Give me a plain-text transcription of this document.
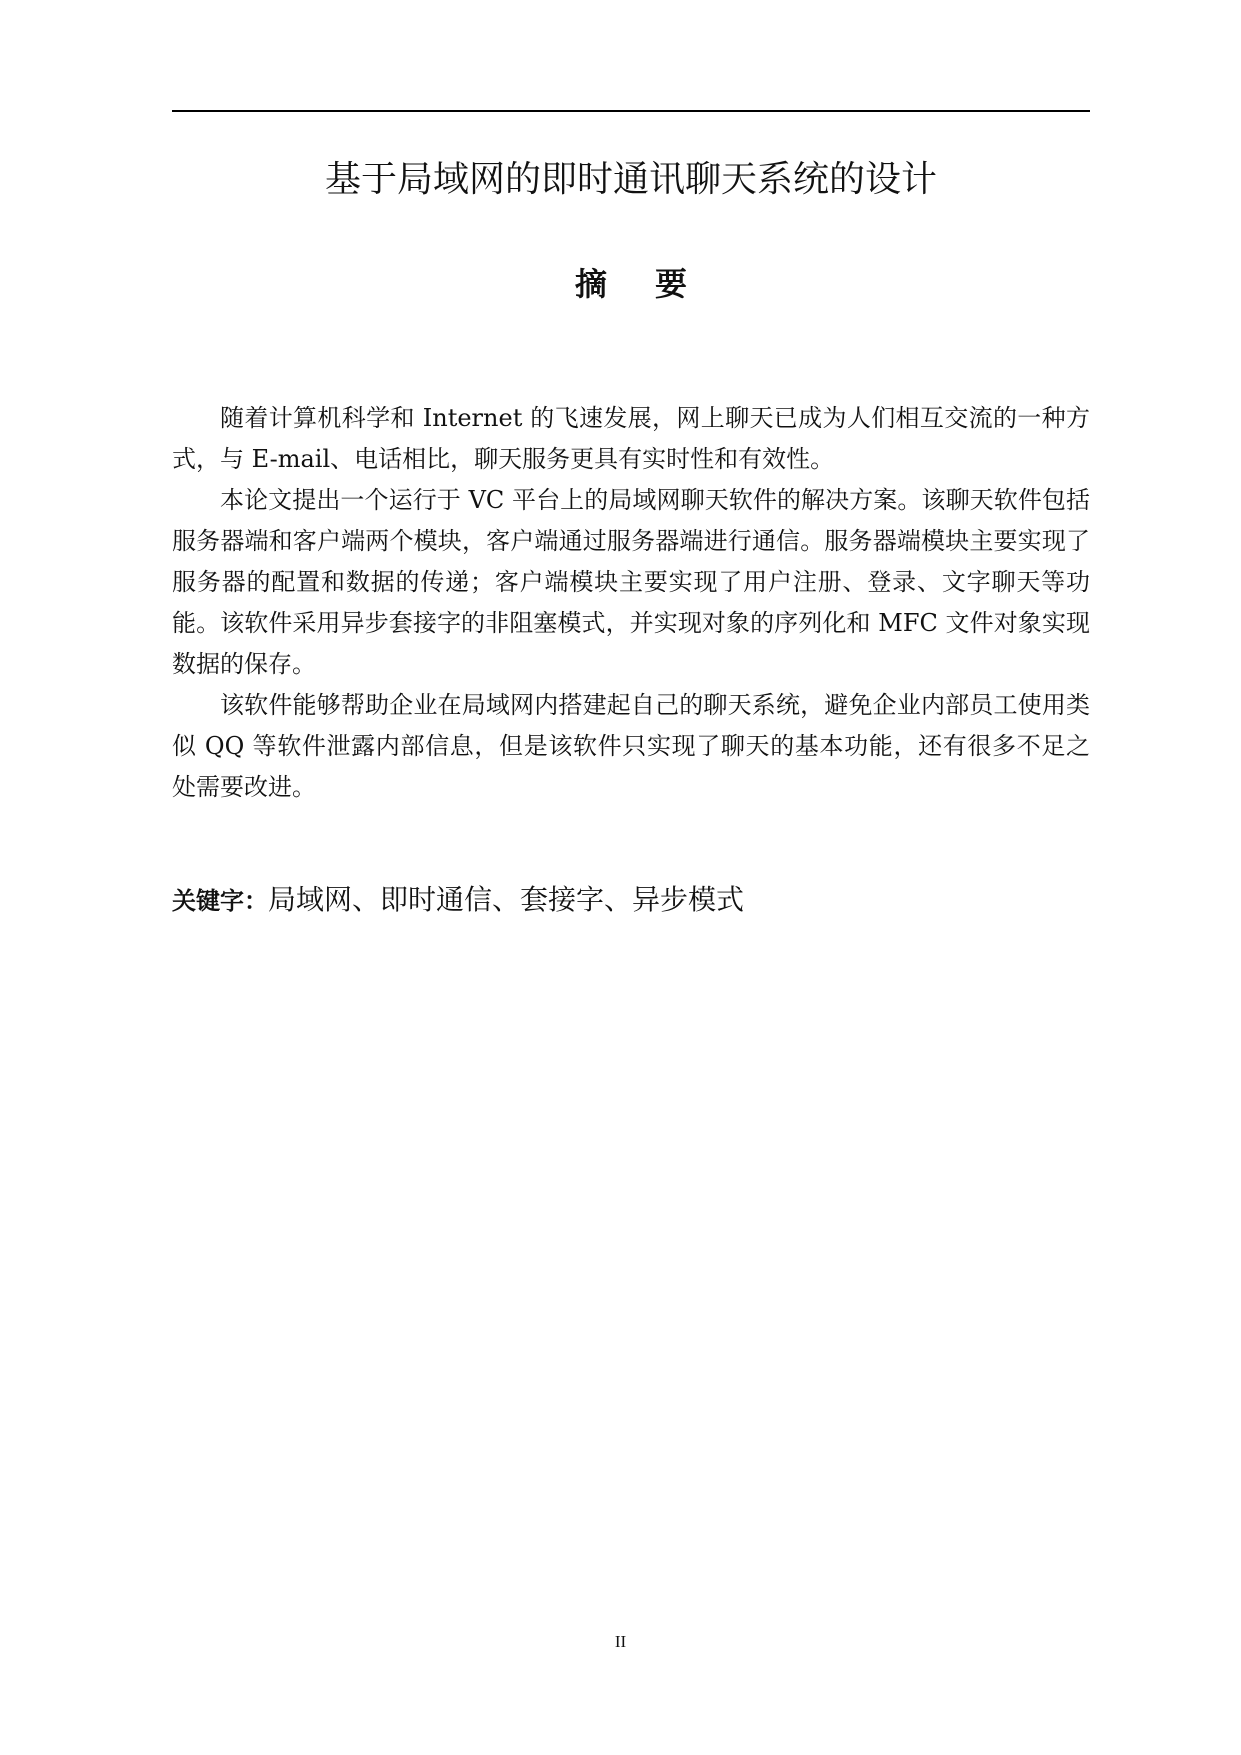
基于局域网的即时通讯聊天系统的设计
摘要

随着计算机科学和 Internet 的飞速发展，网上聊天已成为人们相互交流的一种方式，与 E-mail、电话相比，聊天服务更具有实时性和有效性。

本论文提出一个运行于 VC 平台上的局域网聊天软件的解决方案。该聊天软件包括服务器端和客户端两个模块，客户端通过服务器端进行通信。服务器端模块主要实现了服务器的配置和数据的传递；客户端模块主要实现了用户注册、登录、文字聊天等功能。该软件采用异步套接字的非阻塞模式，并实现对象的序列化和 MFC 文件对象实现数据的保存。

该软件能够帮助企业在局域网内搭建起自己的聊天系统，避免企业内部员工使用类似 QQ 等软件泄露内部信息，但是该软件只实现了聊天的基本功能，还有很多不足之处需要改进。

关键字：局域网、即时通信、套接字、异步模式
II
